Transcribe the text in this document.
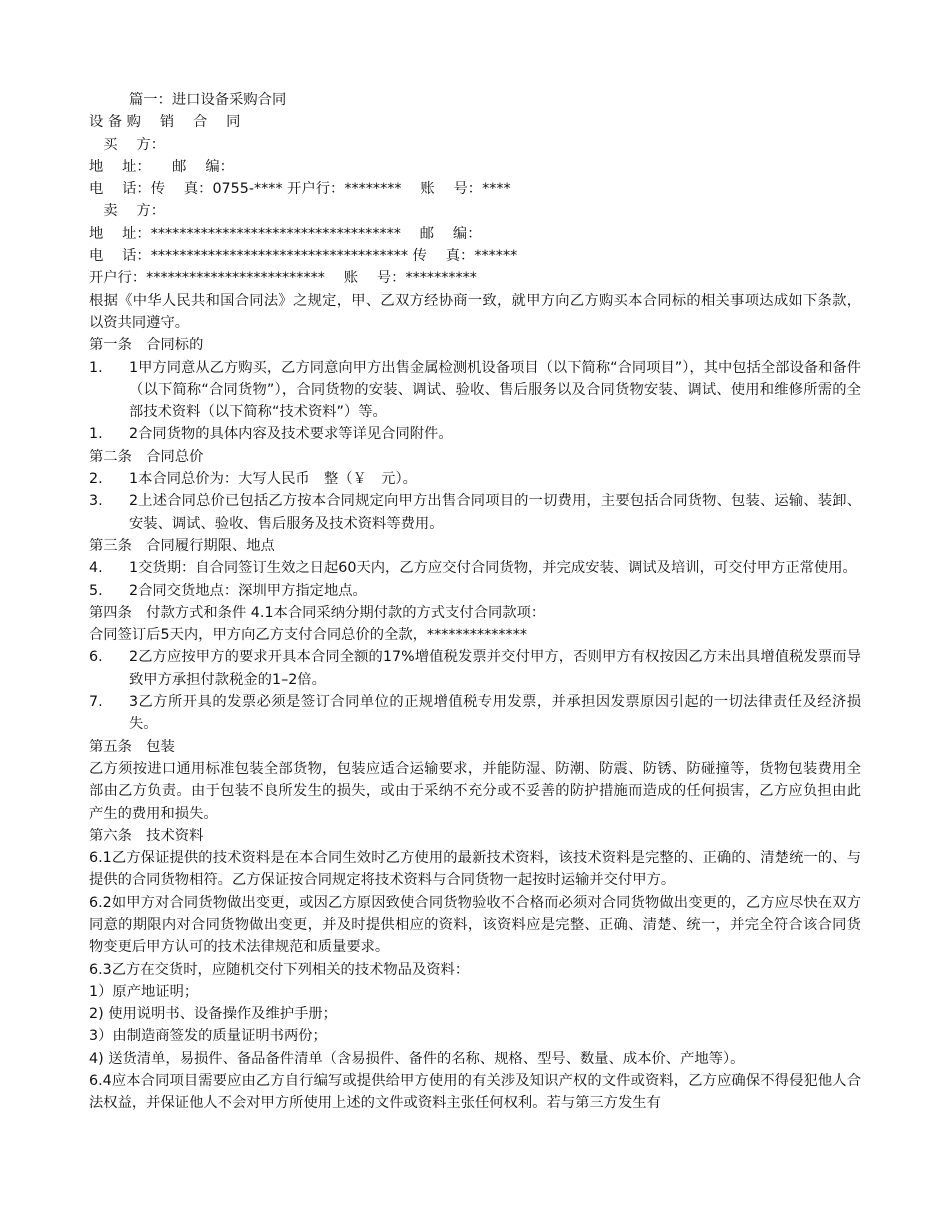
篇一：进口设备采购合同
设 备 购　 销　 合　 同
　买　 方：
地　 址：　　邮　 编：
电　 话：传　 真：0755-**** 开户行：********　 账　 号：****
　卖　 方：
地　 址：***********************************　 邮　 编：
电　 话：************************************ 传　 真：******
开户行：*************************　 账　 号：**********
根据《中华人民共和国合同法》之规定，甲、乙双方经协商一致，就甲方向乙方购买本合同标的相关事项达成如下条款，以资共同遵守。
第一条　合同标的
1.	1甲方同意从乙方购买，乙方同意向甲方出售金属检测机设备项目（以下简称“合同项目”），其中包括全部设备和备件（以下简称“合同货物”），合同货物的安装、调试、验收、售后服务以及合同货物安装、调试、使用和维修所需的全部技术资料（以下简称“技术资料”）等。
1.	2合同货物的具体内容及技术要求等详见合同附件。
第二条　合同总价
2.	1本合同总价为：大写人民币　整（￥　元）。
3.	2上述合同总价已包括乙方按本合同规定向甲方出售合同项目的一切费用，主要包括合同货物、包装、运输、装卸、安装、调试、验收、售后服务及技术资料等费用。
第三条　合同履行期限、地点
4.	1交货期：自合同签订生效之日起60天内，乙方应交付合同货物，并完成安装、调试及培训，可交付甲方正常使用。
5.	2合同交货地点：深圳甲方指定地点。
第四条　付款方式和条件 4.1本合同采纳分期付款的方式支付合同款项：
合同签订后5天内，甲方向乙方支付合同总价的全款，**************
6.	2乙方应按甲方的要求开具本合同全额的17%增值税发票并交付甲方，否则甲方有权按因乙方未出具增值税发票而导致甲方承担付款税金的1–2倍。
7.	3乙方所开具的发票必须是签订合同单位的正规增值税专用发票，并承担因发票原因引起的一切法律责任及经济损失。
第五条　包装
乙方须按进口通用标准包装全部货物，包装应适合运输要求，并能防湿、防潮、防震、防锈、防碰撞等，货物包装费用全部由乙方负责。由于包装不良所发生的损失，或由于采纳不充分或不妥善的防护措施而造成的任何损害，乙方应负担由此产生的费用和损失。
第六条　技术资料
6.1乙方保证提供的技术资料是在本合同生效时乙方使用的最新技术资料，该技术资料是完整的、正确的、清楚统一的、与提供的合同货物相符。乙方保证按合同规定将技术资料与合同货物一起按时运输并交付甲方。
6.2如甲方对合同货物做出变更，或因乙方原因致使合同货物验收不合格而必须对合同货物做出变更的，乙方应尽快在双方同意的期限内对合同货物做出变更，并及时提供相应的资料，该资料应是完整、正确、清楚、统一，并完全符合该合同货物变更后甲方认可的技术法律规范和质量要求。
6.3乙方在交货时，应随机交付下列相关的技术物品及资料：
1）原产地证明；
2) 使用说明书、设备操作及维护手册；
3）由制造商签发的质量证明书两份；
4) 送货清单，易损件、备品备件清单（含易损件、备件的名称、规格、型号、数量、成本价、产地等）。
6.4应本合同项目需要应由乙方自行编写或提供给甲方使用的有关涉及知识产权的文件或资料，乙方应确保不得侵犯他人合法权益，并保证他人不会对甲方所使用上述的文件或资料主张任何权利。若与第三方发生有
